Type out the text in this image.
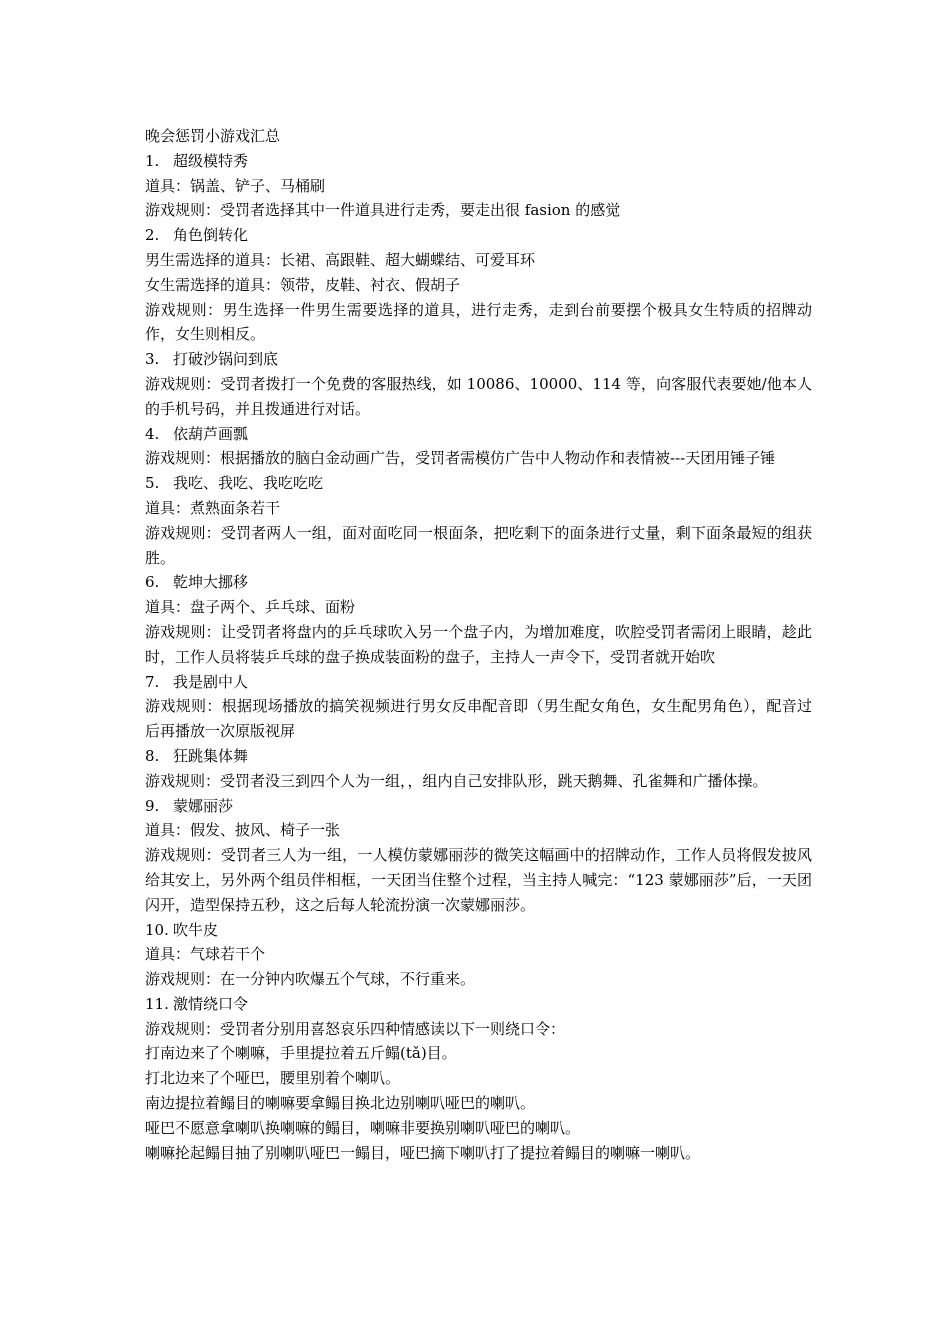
晚会惩罚小游戏汇总

1. 超级模特秀

道具：锅盖、铲子、马桶刷

游戏规则：受罚者选择其中一件道具进行走秀，要走出很 fasion 的感觉

2. 角色倒转化

男生需选择的道具：长裙、高跟鞋、超大蝴蝶结、可爱耳环

女生需选择的道具：领带，皮鞋、衬衣、假胡子

游戏规则：男生选择一件男生需要选择的道具，进行走秀，走到台前要摆个极具女生特质的招牌动作，女生则相反。

3. 打破沙锅问到底

游戏规则：受罚者拨打一个免费的客服热线，如 10086、10000、114 等，向客服代表要她/他本人的手机号码，并且拨通进行对话。

4. 依葫芦画瓢

游戏规则：根据播放的脑白金动画广告，受罚者需模仿广告中人物动作和表情被---天团用锤子锤

5. 我吃、我吃、我吃吃吃

道具：煮熟面条若干

游戏规则：受罚者两人一组，面对面吃同一根面条，把吃剩下的面条进行丈量，剩下面条最短的组获胜。

6. 乾坤大挪移

道具：盘子两个、乒乓球、面粉

游戏规则：让受罚者将盘内的乒乓球吹入另一个盘子内，为增加难度，吹腔受罚者需闭上眼睛，趁此时，工作人员将装乒乓球的盘子换成装面粉的盘子，主持人一声令下，受罚者就开始吹

7. 我是剧中人

游戏规则：根据现场播放的搞笑视频进行男女反串配音即（男生配女角色，女生配男角色），配音过后再播放一次原版视屏

8. 狂跳集体舞

游戏规则：受罚者没三到四个人为一组，，组内自己安排队形，跳天鹅舞、孔雀舞和广播体操。

9. 蒙娜丽莎

道具：假发、披风、椅子一张

游戏规则：受罚者三人为一组，一人模仿蒙娜丽莎的微笑这幅画中的招牌动作，工作人员将假发披风给其安上，另外两个组员伴相框，一天团当住整个过程，当主持人喊完：“123 蒙娜丽莎”后，一天团闪开，造型保持五秒，这之后每人轮流扮演一次蒙娜丽莎。

10. 吹牛皮

道具：气球若干个

游戏规则：在一分钟内吹爆五个气球，不行重来。

11. 激情绕口令

游戏规则：受罚者分别用喜怒哀乐四种情感读以下一则绕口令：

打南边来了个喇嘛，手里提拉着五斤鳎(tǎ)目。

打北边来了个哑巴，腰里别着个喇叭。

南边提拉着鳎目的喇嘛要拿鳎目换北边别喇叭哑巴的喇叭。

哑巴不愿意拿喇叭换喇嘛的鳎目，喇嘛非要换别喇叭哑巴的喇叭。

喇嘛抡起鳎目抽了别喇叭哑巴一鳎目，哑巴摘下喇叭打了提拉着鳎目的喇嘛一喇叭。
